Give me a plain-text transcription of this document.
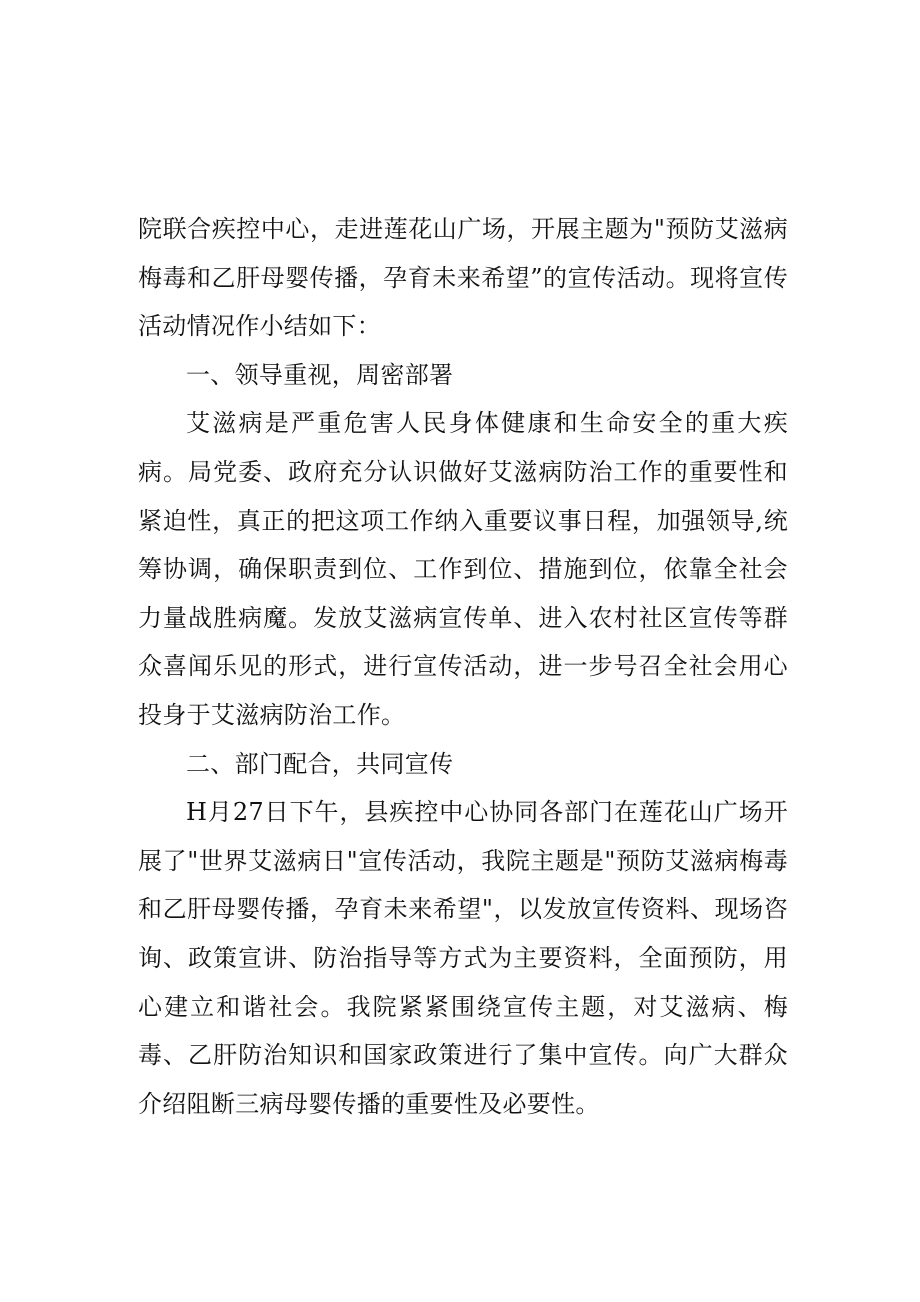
院联合疾控中心，走进莲花山广场，开展主题为"预防艾滋病梅毒和乙肝母婴传播，孕育未来希望”的宣传活动。现将宣传活动情况作小结如下：

一、领导重视，周密部署

艾滋病是严重危害人民身体健康和生命安全的重大疾病。局党委、政府充分认识做好艾滋病防治工作的重要性和紧迫性，真正的把这项工作纳入重要议事日程，加强领导,统筹协调，确保职责到位、工作到位、措施到位，依靠全社会力量战胜病魔。发放艾滋病宣传单、进入农村社区宣传等群众喜闻乐见的形式，进行宣传活动，进一步号召全社会用心投身于艾滋病防治工作。

二、部门配合，共同宣传

H月27日下午，县疾控中心协同各部门在莲花山广场开展了"世界艾滋病日"宣传活动，我院主题是"预防艾滋病梅毒和乙肝母婴传播，孕育未来希望"，以发放宣传资料、现场咨询、政策宣讲、防治指导等方式为主要资料，全面预防，用心建立和谐社会。我院紧紧围绕宣传主题，对艾滋病、梅毒、乙肝防治知识和国家政策进行了集中宣传。向广大群众介绍阻断三病母婴传播的重要性及必要性。
